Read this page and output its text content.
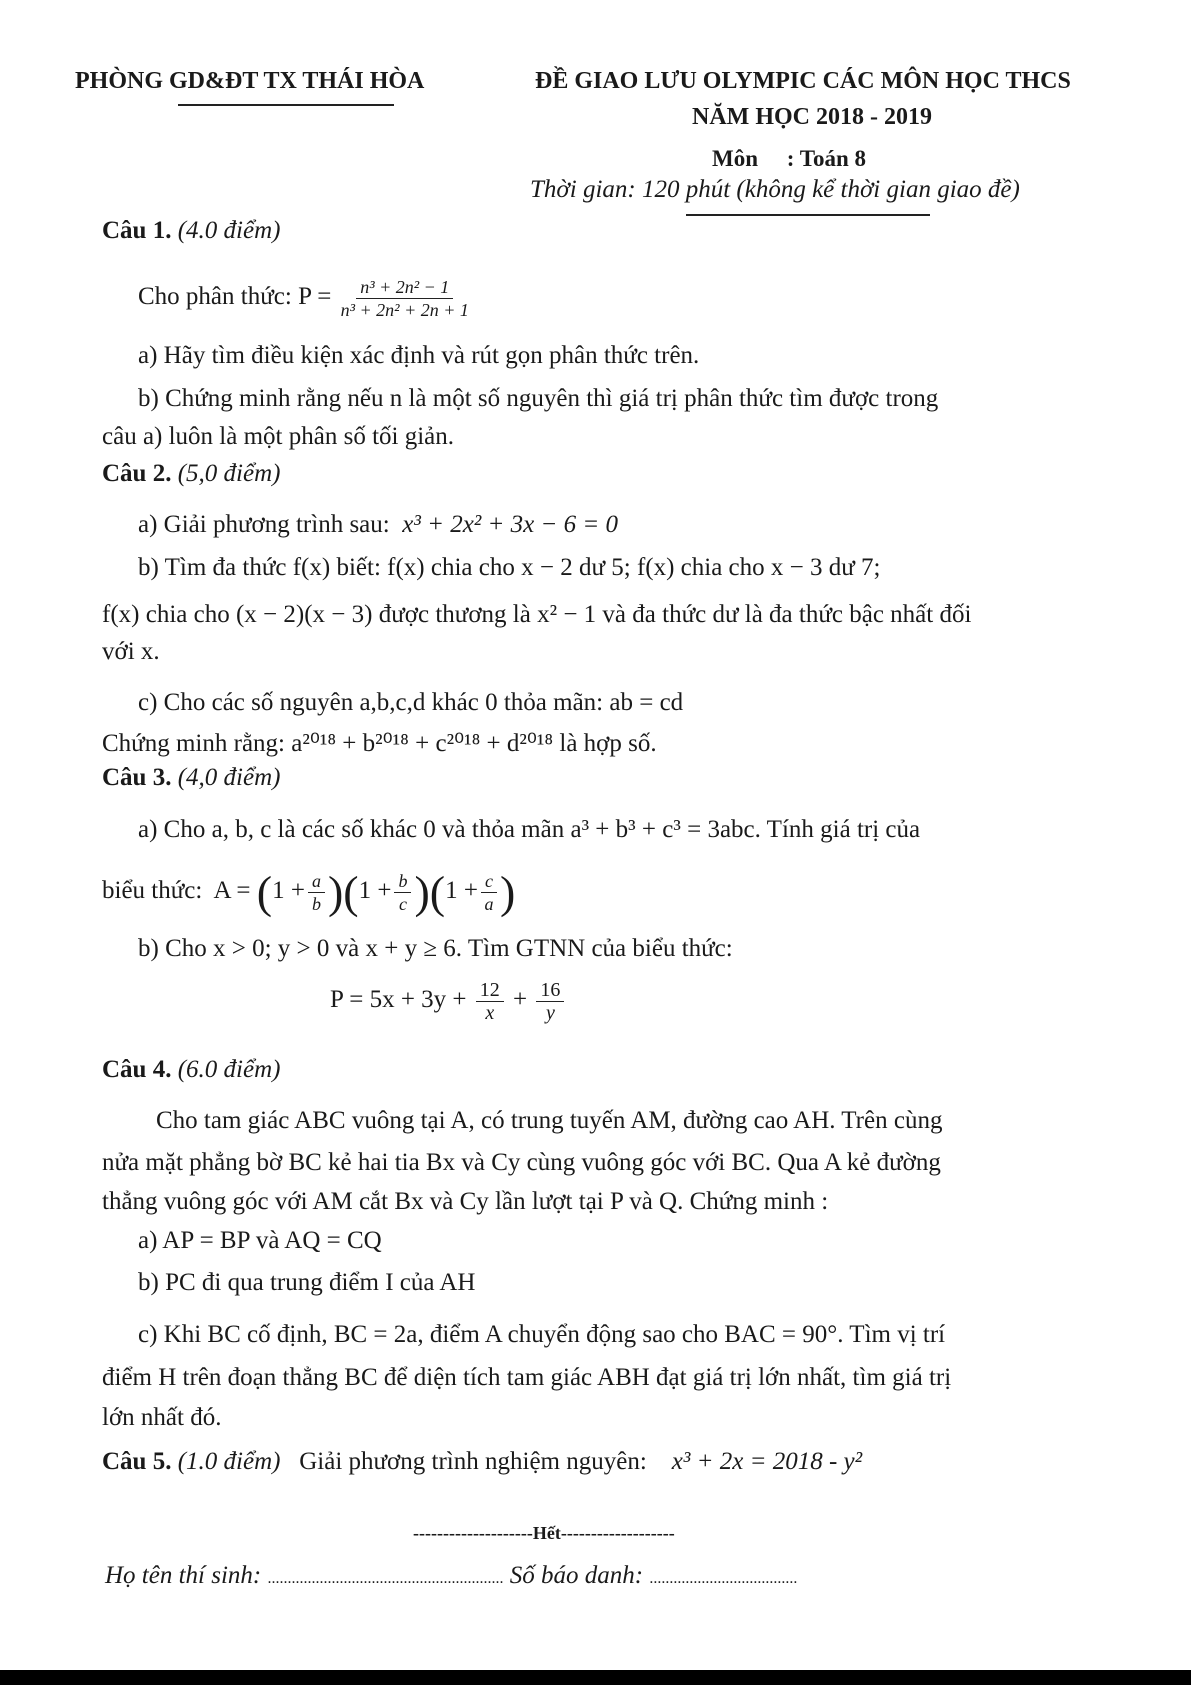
PHÒNG GD&ĐT TX THÁI HÒA	ĐỀ GIAO LƯU OLYMPIC CÁC MÔN HỌC THCS
NĂM HỌC 2018 - 2019
Môn : Toán 8
Thời gian: 120 phút (không kể thời gian giao đề)
Câu 1. (4.0 điểm)
Cho phân thức: $P = \frac{\text{n³ + 2n² − 1}}{\text{n³ + 2n² + 2n + 1}}$
a) Hãy tìm điều kiện xác định và rút gọn phân thức trên.
b) Chứng minh rằng nếu n là một số nguyên thì giá trị phân thức tìm được trong
câu a) luôn là một phân số tối giản.
Câu 2. (5,0 điểm)
a) Giải phương trình sau: x³ + 2x² + 3x − 6 = 0
b) Tìm đa thức f(x) biết: f(x) chia cho x − 2 dư 5; f(x) chia cho x − 3 dư 7;
f(x) chia cho (x − 2)(x − 3) được thương là x² − 1 và đa thức dư là đa thức bậc nhất đối
với x.
c) Cho các số nguyên a,b,c,d khác 0 thỏa mãn: ab = cd
Chứng minh rằng: a²⁰¹⁸ + b²⁰¹⁸ + c²⁰¹⁸ + d²⁰¹⁸ là hợp số.
Câu 3. (4,0 điểm)
a) Cho a, b, c là các số khác 0 và thỏa mãn a³ + b³ + c³ = 3abc. Tính giá trị của
biểu thức: $A = (1 + \frac{a}{b} )(1 + \frac{b}{c} )(1 + \frac{c}{a}$ )
b) Cho x > 0; y > 0 và x + y ≥ 6. Tìm GTNN của biểu thức:
$P = 5x + 3y + \frac{12}{x} + \frac{16}{y}$
Câu 4. (6.0 điểm)
Cho tam giác ABC vuông tại A, có trung tuyến AM, đường cao AH. Trên cùng
nửa mặt phẳng bờ BC kẻ hai tia Bx và Cy cùng vuông góc với BC. Qua A kẻ đường
thẳng vuông góc với AM cắt Bx và Cy lần lượt tại P và Q. Chứng minh :
a) AP = BP và AQ = CQ
b) PC đi qua trung điểm I của AH
c) Khi BC cố định, BC = 2a, điểm A chuyển động sao cho BAC = 90°. Tìm vị trí
điểm H trên đoạn thẳng BC để diện tích tam giác ABH đạt giá trị lớn nhất, tìm giá trị
lớn nhất đó.
Câu 5. (1.0 điểm) Giải phương trình nghiệm nguyên: x³ + 2x = 2018 - y²
--------------------Hết-------------------
Họ tên thí sinh: ........................................................... Số báo danh: .....................................
